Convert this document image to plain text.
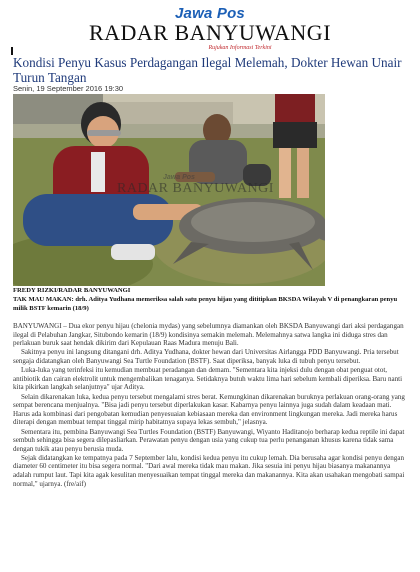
Jawa Pos
RADAR BANYUWANGI
Rujukan Informasi Terkini
Kondisi Penyu Kasus Perdagangan Ilegal Melemah, Dokter Hewan Unair Turun Tangan
Senin, 19 September 2016 19:30
Jawa Pos
RADAR BANYUWANGI
FREDY RIZKI/RADAR BANYUWANGI
TAK MAU MAKAN: drh. Aditya Yudhana memeriksa salah satu penyu hijau yang dititipkan BKSDA Wilayah V di penangkaran penyu milik BSTF kemarin (18/9)

BANYUWANGI – Dua ekor penyu hijau (chelonia mydas) yang sebelumnya diamankan oleh BKSDA Banyuwangi dari aksi perdagangan ilegal di Pelabuhan Jangkar, Situbondo kemarin (18/9) kondisinya semakin melemah. Melemahnya satwa langka ini diduga stres dan perlakuan buruk saat hendak dikirim dari Kepulauan Raas Madura menuju Bali.

Sakitnya penyu ini langsung ditangani drh. Aditya Yudhana, dokter hewan dari Universitas Airlangga PDD Banyuwangi. Pria tersebut sengaja didatangkan oleh Banyuwangi Sea Turtle Foundation (BSTF). Saat diperiksa, banyak luka di tubuh penyu tersebut.

Luka-luka yang terinfeksi itu kemudian membuat peradangan dan demam. "Sementara kita injeksi dulu dengan obat penguat otot, antibiotik dan cairan elektrolit untuk mengembalikan tenaganya. Setidaknya butuh waktu lima hari sebelum kembali diperiksa. Baru nanti kita pikirkan langkah selanjutnya" ujar Aditya.

Selain dikarenakan luka, kedua penyu tersebut mengalami stres berat. Kemungkinan dikarenakan buruknya perlakuan orang-orang yang sempat berencana menjualnya. "Bisa jadi penyu tersebut diperlakukan kasar. Kabarnya penyu lainnya juga sudah dalam keadaan mati. Harus ada kombinasi dari pengobatan kemudian penyesuaian kebiasaan mereka dan environment lingkungan mereka. Jadi mereka harus diterapi dengan membuat tempat tinggal mirip habitatnya supaya lekas sembuh," jelasnya.

Sementara itu, pembina Banyuwangi Sea Turtles Foundation (BSTF) Banyuwangi, Wiyanto Haditanojo berharap kedua reptile ini dapat sembuh sehingga bisa segera dilepasliarkan. Perawatan penyu dengan usia yang cukup tua perlu penanganan khusus karena tidak sama dengan tukik atau penyu berusia muda.

Sejak didatangkan ke tempatnya pada 7 September lalu, kondisi kedua penyu itu cukup lemah. Dia berusaha agar kondisi penyu dengan diameter 60 centimeter itu bisa segera normal. "Dari awal mereka tidak mau makan. Jika sesuia ini penyu hijau biasanya makanannya adalah rumput laut. Tapi kita agak kesulitan menyesuaikan tempat tinggal mereka dan makanannya. Kita akan usahakan mengobati sampai normal," ujarnya. (fre/aif)
